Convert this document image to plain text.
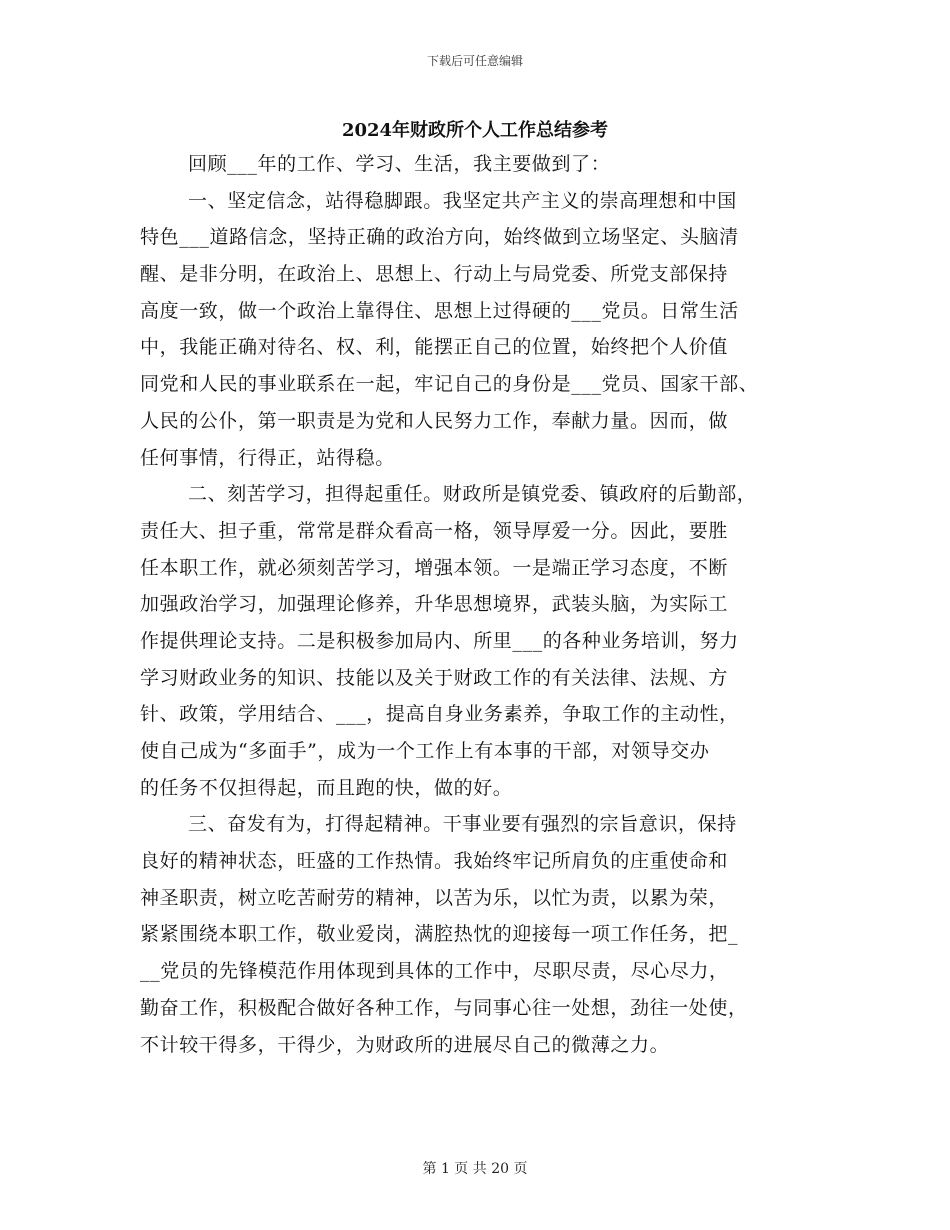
下载后可任意编辑
2024年财政所个人工作总结参考
回顾___年的工作、学习、生活，我主要做到了：
一、坚定信念，站得稳脚跟。我坚定共产主义的崇高理想和中国
特色___道路信念，坚持正确的政治方向，始终做到立场坚定、头脑清
醒、是非分明，在政治上、思想上、行动上与局党委、所党支部保持
高度一致，做一个政治上靠得住、思想上过得硬的___党员。日常生活
中，我能正确对待名、权、利，能摆正自己的位置，始终把个人价值
同党和人民的事业联系在一起，牢记自己的身份是___党员、国家干部、
人民的公仆，第一职责是为党和人民努力工作，奉献力量。因而，做
任何事情，行得正，站得稳。
二、刻苦学习，担得起重任。财政所是镇党委、镇政府的后勤部，
责任大、担子重，常常是群众看高一格，领导厚爱一分。因此，要胜
任本职工作，就必须刻苦学习，增强本领。一是端正学习态度，不断
加强政治学习，加强理论修养，升华思想境界，武装头脑，为实际工
作提供理论支持。二是积极参加局内、所里___的各种业务培训，努力
学习财政业务的知识、技能以及关于财政工作的有关法律、法规、方
针、政策，学用结合、___，提高自身业务素养，争取工作的主动性，
使自己成为“多面手”，成为一个工作上有本事的干部，对领导交办
的任务不仅担得起，而且跑的快，做的好。
三、奋发有为，打得起精神。干事业要有强烈的宗旨意识，保持
良好的精神状态，旺盛的工作热情。我始终牢记所肩负的庄重使命和
神圣职责，树立吃苦耐劳的精神，以苦为乐，以忙为责，以累为荣，
紧紧围绕本职工作，敬业爱岗，满腔热忱的迎接每一项工作任务，把_
__党员的先锋模范作用体现到具体的工作中，尽职尽责，尽心尽力，
勤奋工作，积极配合做好各种工作，与同事心往一处想，劲往一处使，
不计较干得多，干得少，为财政所的进展尽自己的微薄之力。
第 1 页 共 20 页
